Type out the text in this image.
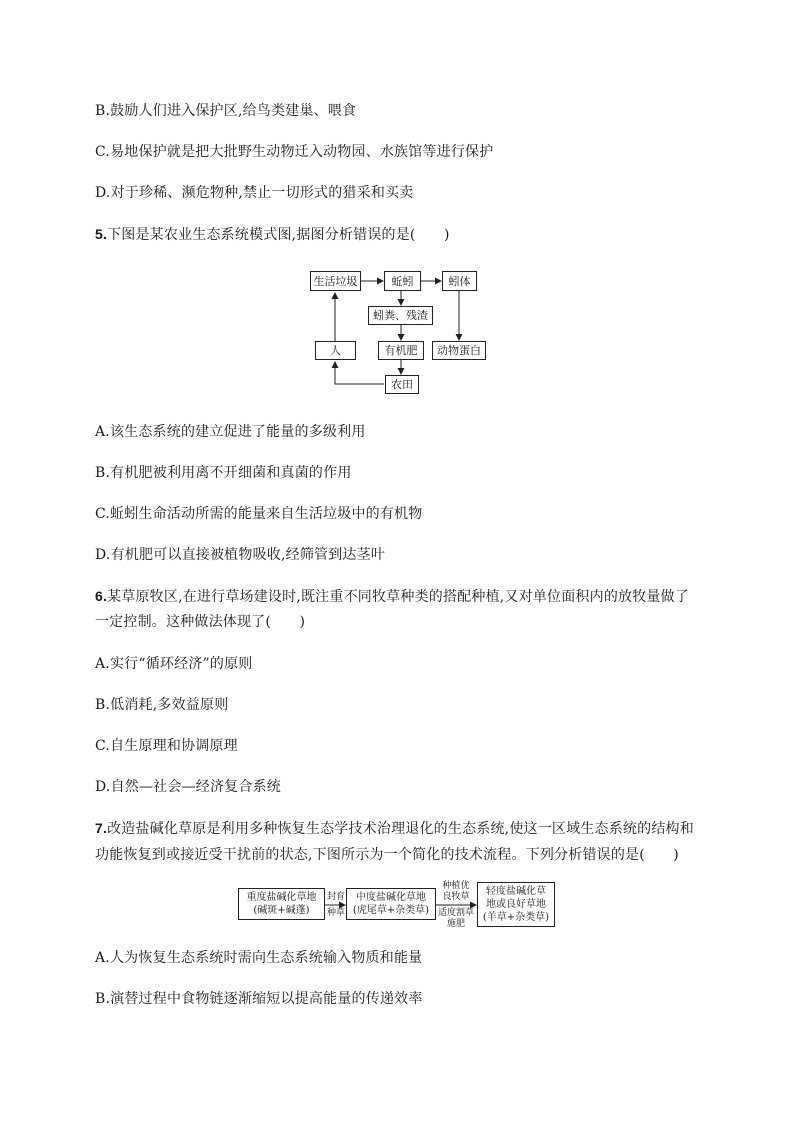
B.鼓励人们进入保护区,给鸟类建巢、喂食
C.易地保护就是把大批野生动物迁入动物园、水族馆等进行保护
D.对于珍稀、濒危物种,禁止一切形式的猎采和买卖
5.下图是某农业生态系统模式图,据图分析错误的是(　　)
生活垃圾	蚯蚓	蚓体
蚓粪、残渣
人	有机肥	动物蛋白
农田
A.该生态系统的建立促进了能量的多级利用
B.有机肥被利用离不开细菌和真菌的作用
C.蚯蚓生命活动所需的能量来自生活垃圾中的有机物
D.有机肥可以直接被植物吸收,经筛管到达茎叶
6.某草原牧区,在进行草场建设时,既注重不同牧草种类的搭配种植,又对单位面积内的放牧量做了
一定控制。这种做法体现了(　　)
A.实行“循环经济”的原则
B.低消耗,多效益原则
C.自生原理和协调原理
D.自然—社会—经济复合系统
7.改造盐碱化草原是利用多种恢复生态学技术治理退化的生态系统,使这一区域生态系统的结构和
功能恢复到或接近受干扰前的状态,下图所示为一个简化的技术流程。下列分析错误的是(　　)
重度盐碱化草地
(碱斑+碱蓬)
封育
种草
中度盐碱化草地
(虎尾草+杂类草)
种植优
良牧草
适度割草
施肥
轻度盐碱化草
地或良好草地
(羊草+杂类草)
A.人为恢复生态系统时需向生态系统输入物质和能量
B.演替过程中食物链逐渐缩短以提高能量的传递效率
